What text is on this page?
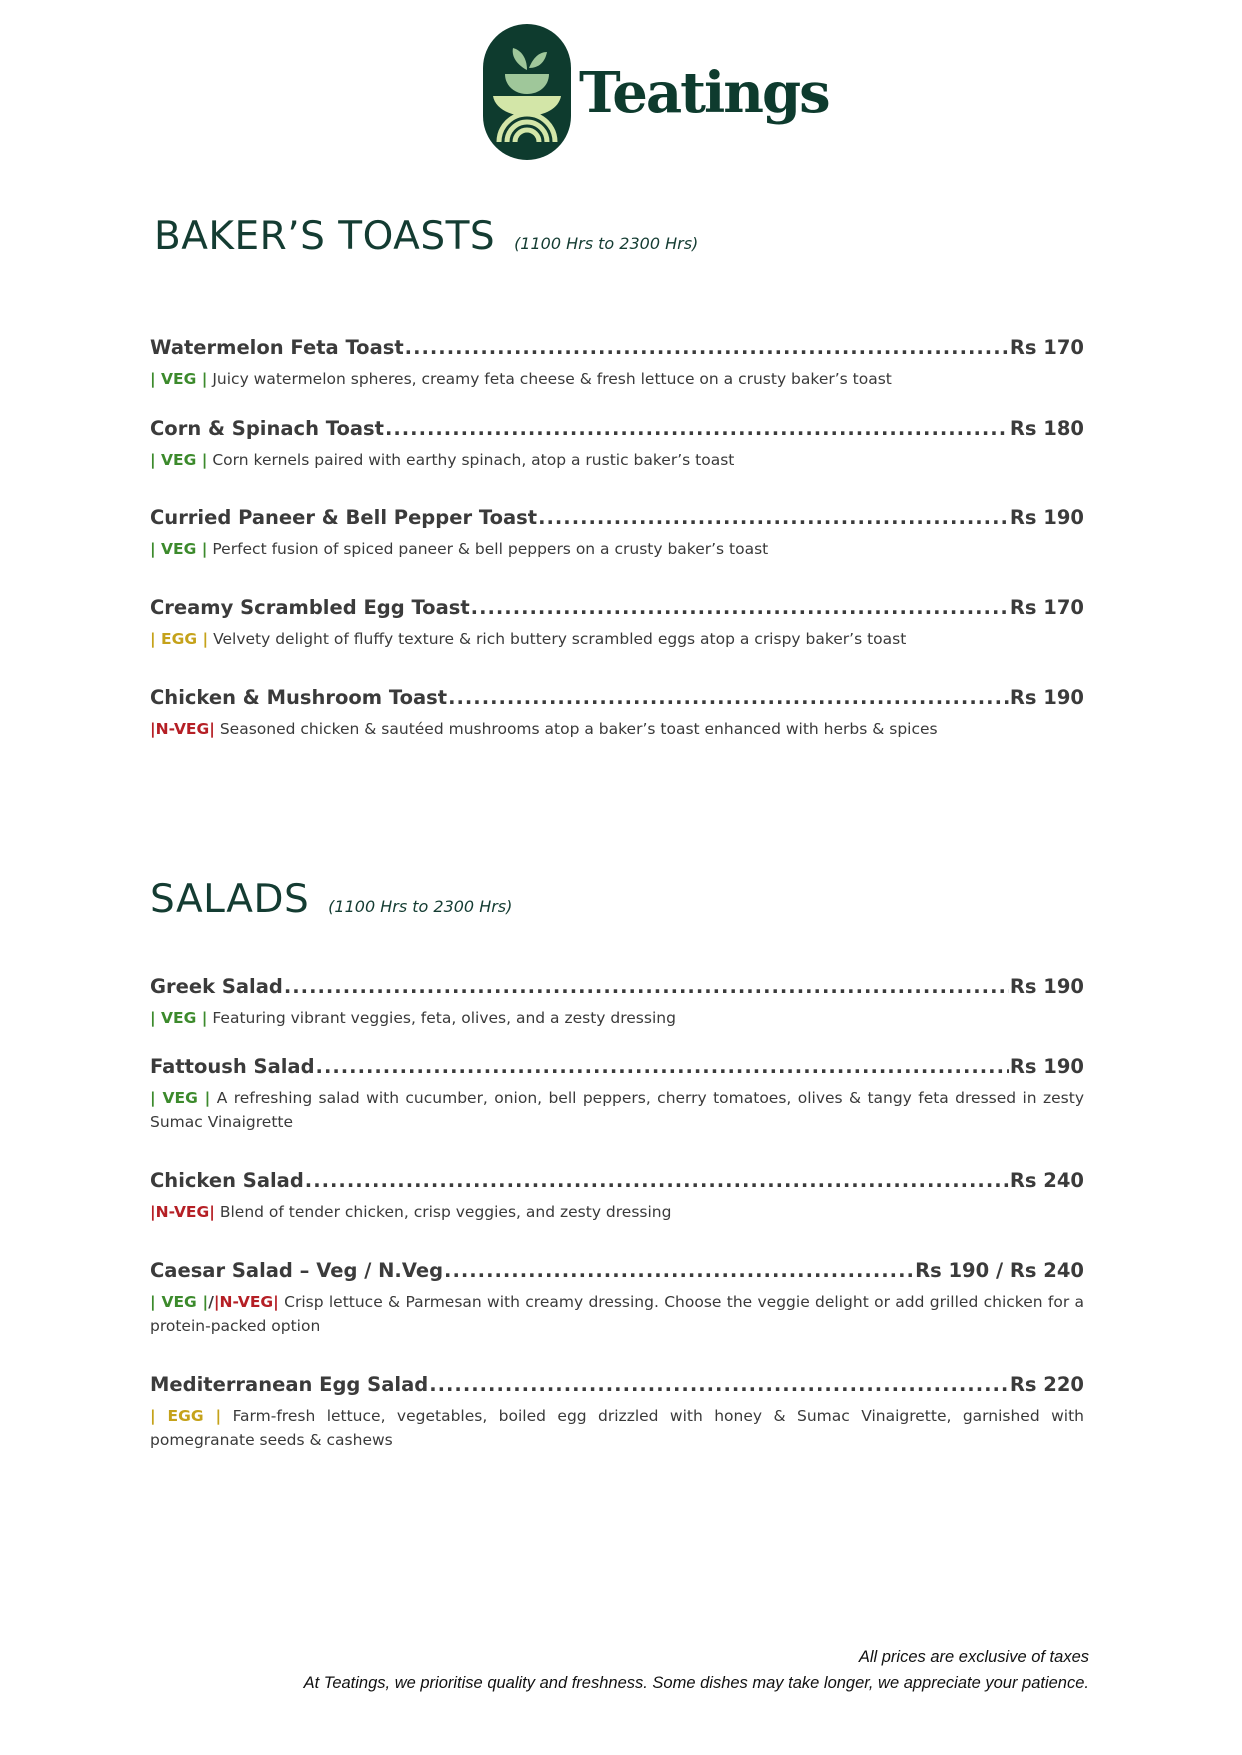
Teatings
BAKER’S TOASTS (1100 Hrs to 2300 Hrs)
Watermelon Feta Toast .....	Rs 170
| VEG | Juicy watermelon spheres, creamy feta cheese & fresh lettuce on a crusty baker’s toast
Corn & Spinach Toast .....	Rs 180
| VEG | Corn kernels paired with earthy spinach, atop a rustic baker’s toast
Curried Paneer & Bell Pepper Toast .....	Rs 190
| VEG | Perfect fusion of spiced paneer & bell peppers on a crusty baker’s toast
Creamy Scrambled Egg Toast .....	Rs 170
| EGG | Velvety delight of fluffy texture & rich buttery scrambled eggs atop a crispy baker’s toast
Chicken & Mushroom Toast .....	Rs 190
|N-VEG| Seasoned chicken & sautéed mushrooms atop a baker’s toast enhanced with herbs & spices
SALADS (1100 Hrs to 2300 Hrs)
Greek Salad .....	Rs 190
| VEG | Featuring vibrant veggies, feta, olives, and a zesty dressing
Fattoush Salad .....	Rs 190
| VEG | A refreshing salad with cucumber, onion, bell peppers, cherry tomatoes, olives & tangy feta dressed in zesty Sumac Vinaigrette
Chicken Salad .....	Rs 240
|N-VEG| Blend of tender chicken, crisp veggies, and zesty dressing
Caesar Salad – Veg / N.Veg .....	Rs 190 / Rs 240
| VEG |/|N-VEG| Crisp lettuce & Parmesan with creamy dressing. Choose the veggie delight or add grilled chicken for a protein-packed option
Mediterranean Egg Salad .....	Rs 220
| EGG | Farm-fresh lettuce, vegetables, boiled egg drizzled with honey & Sumac Vinaigrette, garnished with pomegranate seeds & cashews
All prices are exclusive of taxes
At Teatings, we prioritise quality and freshness. Some dishes may take longer, we appreciate your patience.
